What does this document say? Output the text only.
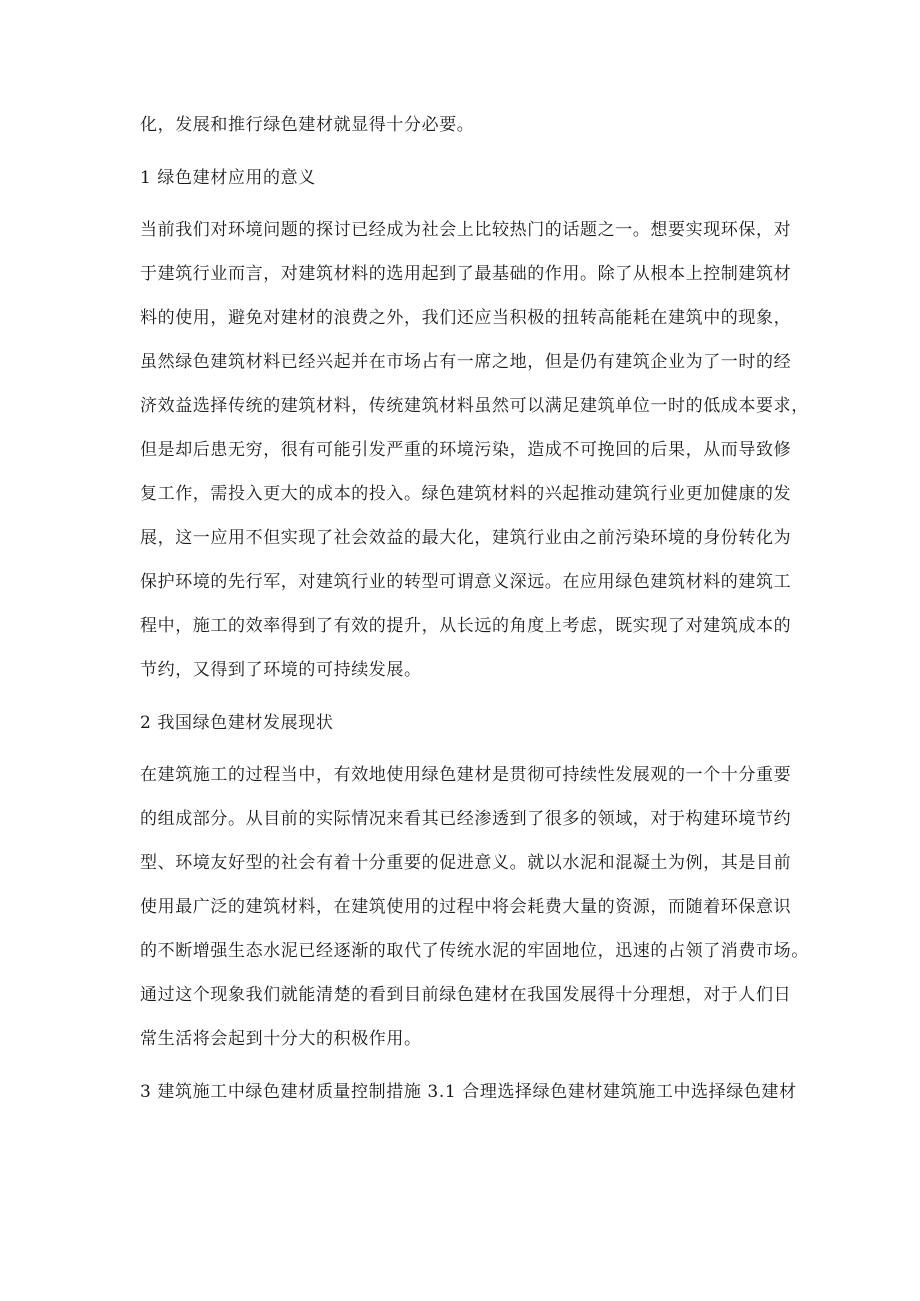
化，发展和推行绿色建材就显得十分必要。
1 绿色建材应用的意义
当前我们对环境问题的探讨已经成为社会上比较热门的话题之一。想要实现环保，对
于建筑行业而言，对建筑材料的选用起到了最基础的作用。除了从根本上控制建筑材
料的使用，避免对建材的浪费之外，我们还应当积极的扭转高能耗在建筑中的现象，
虽然绿色建筑材料已经兴起并在市场占有一席之地，但是仍有建筑企业为了一时的经
济效益选择传统的建筑材料，传统建筑材料虽然可以满足建筑单位一时的低成本要求，
但是却后患无穷，很有可能引发严重的环境污染，造成不可挽回的后果，从而导致修
复工作，需投入更大的成本的投入。绿色建筑材料的兴起推动建筑行业更加健康的发
展，这一应用不但实现了社会效益的最大化，建筑行业由之前污染环境的身份转化为
保护环境的先行军，对建筑行业的转型可谓意义深远。在应用绿色建筑材料的建筑工
程中，施工的效率得到了有效的提升，从长远的角度上考虑，既实现了对建筑成本的
节约，又得到了环境的可持续发展。
2 我国绿色建材发展现状
在建筑施工的过程当中，有效地使用绿色建材是贯彻可持续性发展观的一个十分重要
的组成部分。从目前的实际情况来看其已经渗透到了很多的领域，对于构建环境节约
型、环境友好型的社会有着十分重要的促进意义。就以水泥和混凝土为例，其是目前
使用最广泛的建筑材料，在建筑使用的过程中将会耗费大量的资源，而随着环保意识
的不断增强生态水泥已经逐渐的取代了传统水泥的牢固地位，迅速的占领了消费市场。
通过这个现象我们就能清楚的看到目前绿色建材在我国发展得十分理想，对于人们日
常生活将会起到十分大的积极作用。
3 建筑施工中绿色建材质量控制措施 3.1 合理选择绿色建材建筑施工中选择绿色建材
